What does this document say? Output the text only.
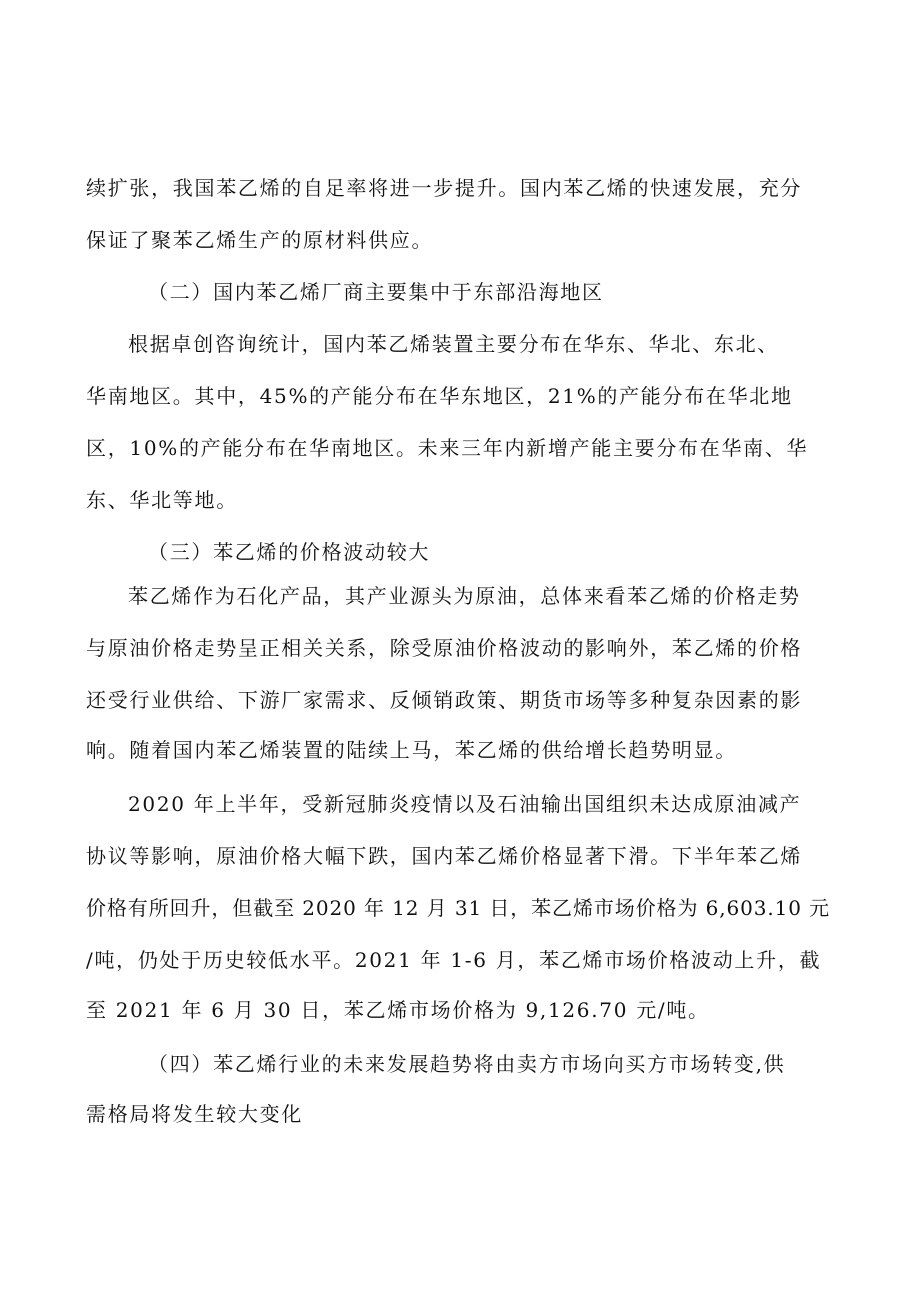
续扩张，我国苯乙烯的自足率将进一步提升。国内苯乙烯的快速发展，充分
保证了聚苯乙烯生产的原材料供应。
（二）国内苯乙烯厂商主要集中于东部沿海地区
根据卓创咨询统计，国内苯乙烯装置主要分布在华东、华北、东北、
华南地区。其中，45%的产能分布在华东地区，21%的产能分布在华北地
区，10%的产能分布在华南地区。未来三年内新增产能主要分布在华南、华
东、华北等地。
（三）苯乙烯的价格波动较大
苯乙烯作为石化产品，其产业源头为原油，总体来看苯乙烯的价格走势
与原油价格走势呈正相关关系，除受原油价格波动的影响外，苯乙烯的价格
还受行业供给、下游厂家需求、反倾销政策、期货市场等多种复杂因素的影
响。随着国内苯乙烯装置的陆续上马，苯乙烯的供给增长趋势明显。
2020 年上半年，受新冠肺炎疫情以及石油输出国组织未达成原油减产
协议等影响，原油价格大幅下跌，国内苯乙烯价格显著下滑。下半年苯乙烯
价格有所回升，但截至 2020 年 12 月 31 日，苯乙烯市场价格为 6,603.10 元
/吨，仍处于历史较低水平。2021 年 1-6 月，苯乙烯市场价格波动上升，截
至 2021 年 6 月 30 日，苯乙烯市场价格为 9,126.70 元/吨。
（四）苯乙烯行业的未来发展趋势将由卖方市场向买方市场转变,供
需格局将发生较大变化
